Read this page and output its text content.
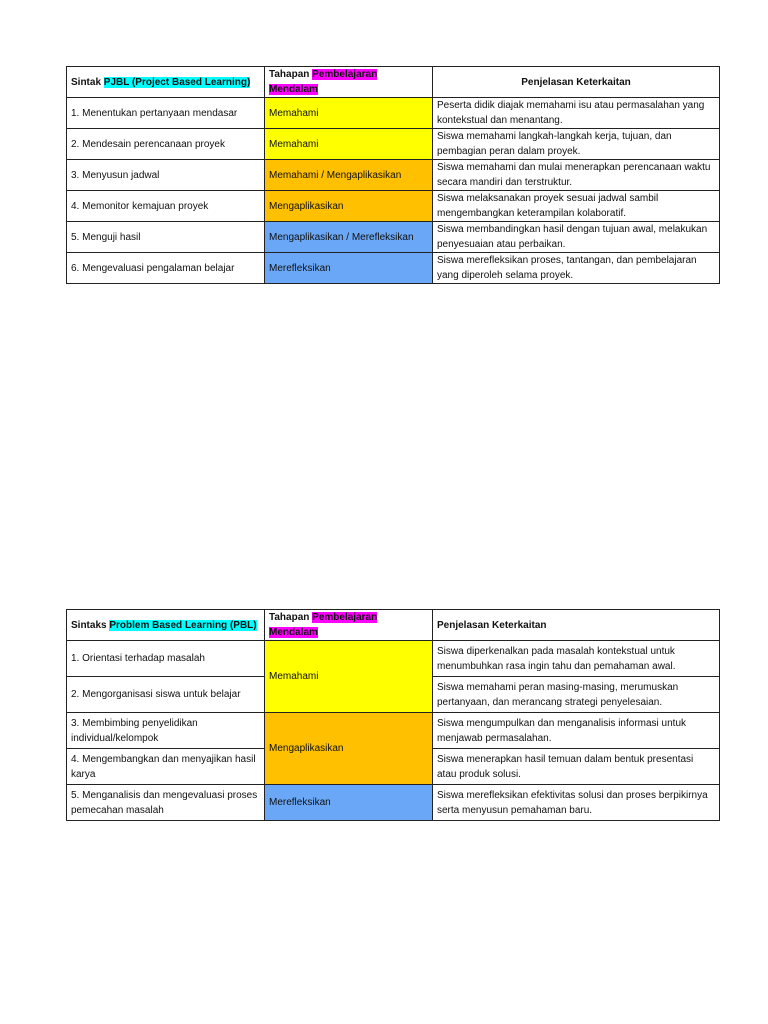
Sintak PJBL (Project Based Learning)	Tahapan Pembelajaran Mendalam	Penjelasan Keterkaitan
1. Menentukan pertanyaan mendasar	Memahami	Peserta didik diajak memahami isu atau permasalahan yang kontekstual dan menantang.
2. Mendesain perencanaan proyek	Memahami	Siswa memahami langkah-langkah kerja, tujuan, dan pembagian peran dalam proyek.
3. Menyusun jadwal	Memahami / Mengaplikasikan	Siswa memahami dan mulai menerapkan perencanaan waktu secara mandiri dan terstruktur.
4. Memonitor kemajuan proyek	Mengaplikasikan	Siswa melaksanakan proyek sesuai jadwal sambil mengembangkan keterampilan kolaboratif.
5. Menguji hasil	Mengaplikasikan / Merefleksikan	Siswa membandingkan hasil dengan tujuan awal, melakukan penyesuaian atau perbaikan.
6. Mengevaluasi pengalaman belajar	Merefleksikan	Siswa merefleksikan proses, tantangan, dan pembelajaran yang diperoleh selama proyek.
Sintaks Problem Based Learning (PBL)	Tahapan Pembelajaran Mendalam	Penjelasan Keterkaitan
1. Orientasi terhadap masalah	Memahami	Siswa diperkenalkan pada masalah kontekstual untuk menumbuhkan rasa ingin tahu dan pemahaman awal.
2. Mengorganisasi siswa untuk belajar		Siswa memahami peran masing-masing, merumuskan pertanyaan, dan merancang strategi penyelesaian.
3. Membimbing penyelidikan individual/kelompok	Mengaplikasikan	Siswa mengumpulkan dan menganalisis informasi untuk menjawab permasalahan.
4. Mengembangkan dan menyajikan hasil karya		Siswa menerapkan hasil temuan dalam bentuk presentasi atau produk solusi.
5. Menganalisis dan mengevaluasi proses pemecahan masalah	Merefleksikan	Siswa merefleksikan efektivitas solusi dan proses berpikirnya serta menyusun pemahaman baru.
